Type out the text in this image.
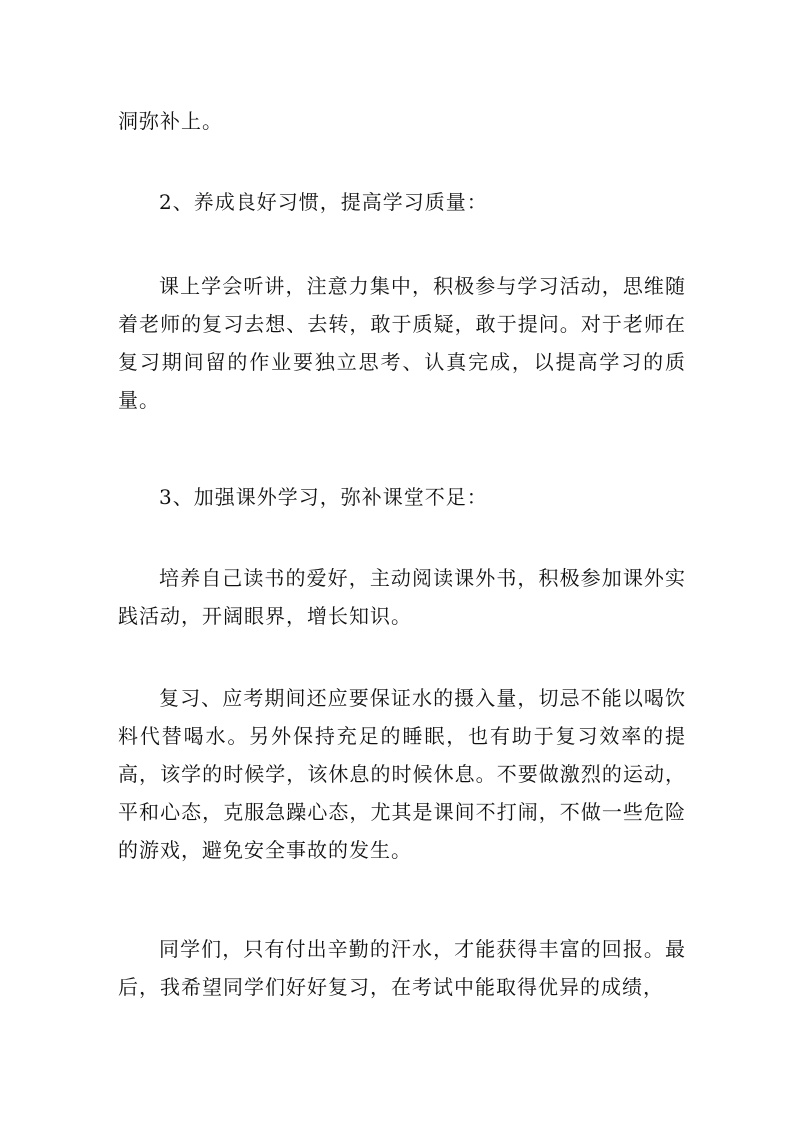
洞弥补上。

2、养成良好习惯，提高学习质量：

课上学会听讲，注意力集中，积极参与学习活动，思维随着老师的复习去想、去转，敢于质疑，敢于提问。对于老师在复习期间留的作业要独立思考、认真完成，以提高学习的质量。

3、加强课外学习，弥补课堂不足：

培养自己读书的爱好，主动阅读课外书，积极参加课外实践活动，开阔眼界，增长知识。

复习、应考期间还应要保证水的摄入量，切忌不能以喝饮料代替喝水。另外保持充足的睡眠，也有助于复习效率的提高，该学的时候学，该休息的时候休息。不要做激烈的运动，平和心态，克服急躁心态，尤其是课间不打闹，不做一些危险的游戏，避免安全事故的发生。

同学们，只有付出辛勤的汗水，才能获得丰富的回报。最后，我希望同学们好好复习，在考试中能取得优异的成绩，
